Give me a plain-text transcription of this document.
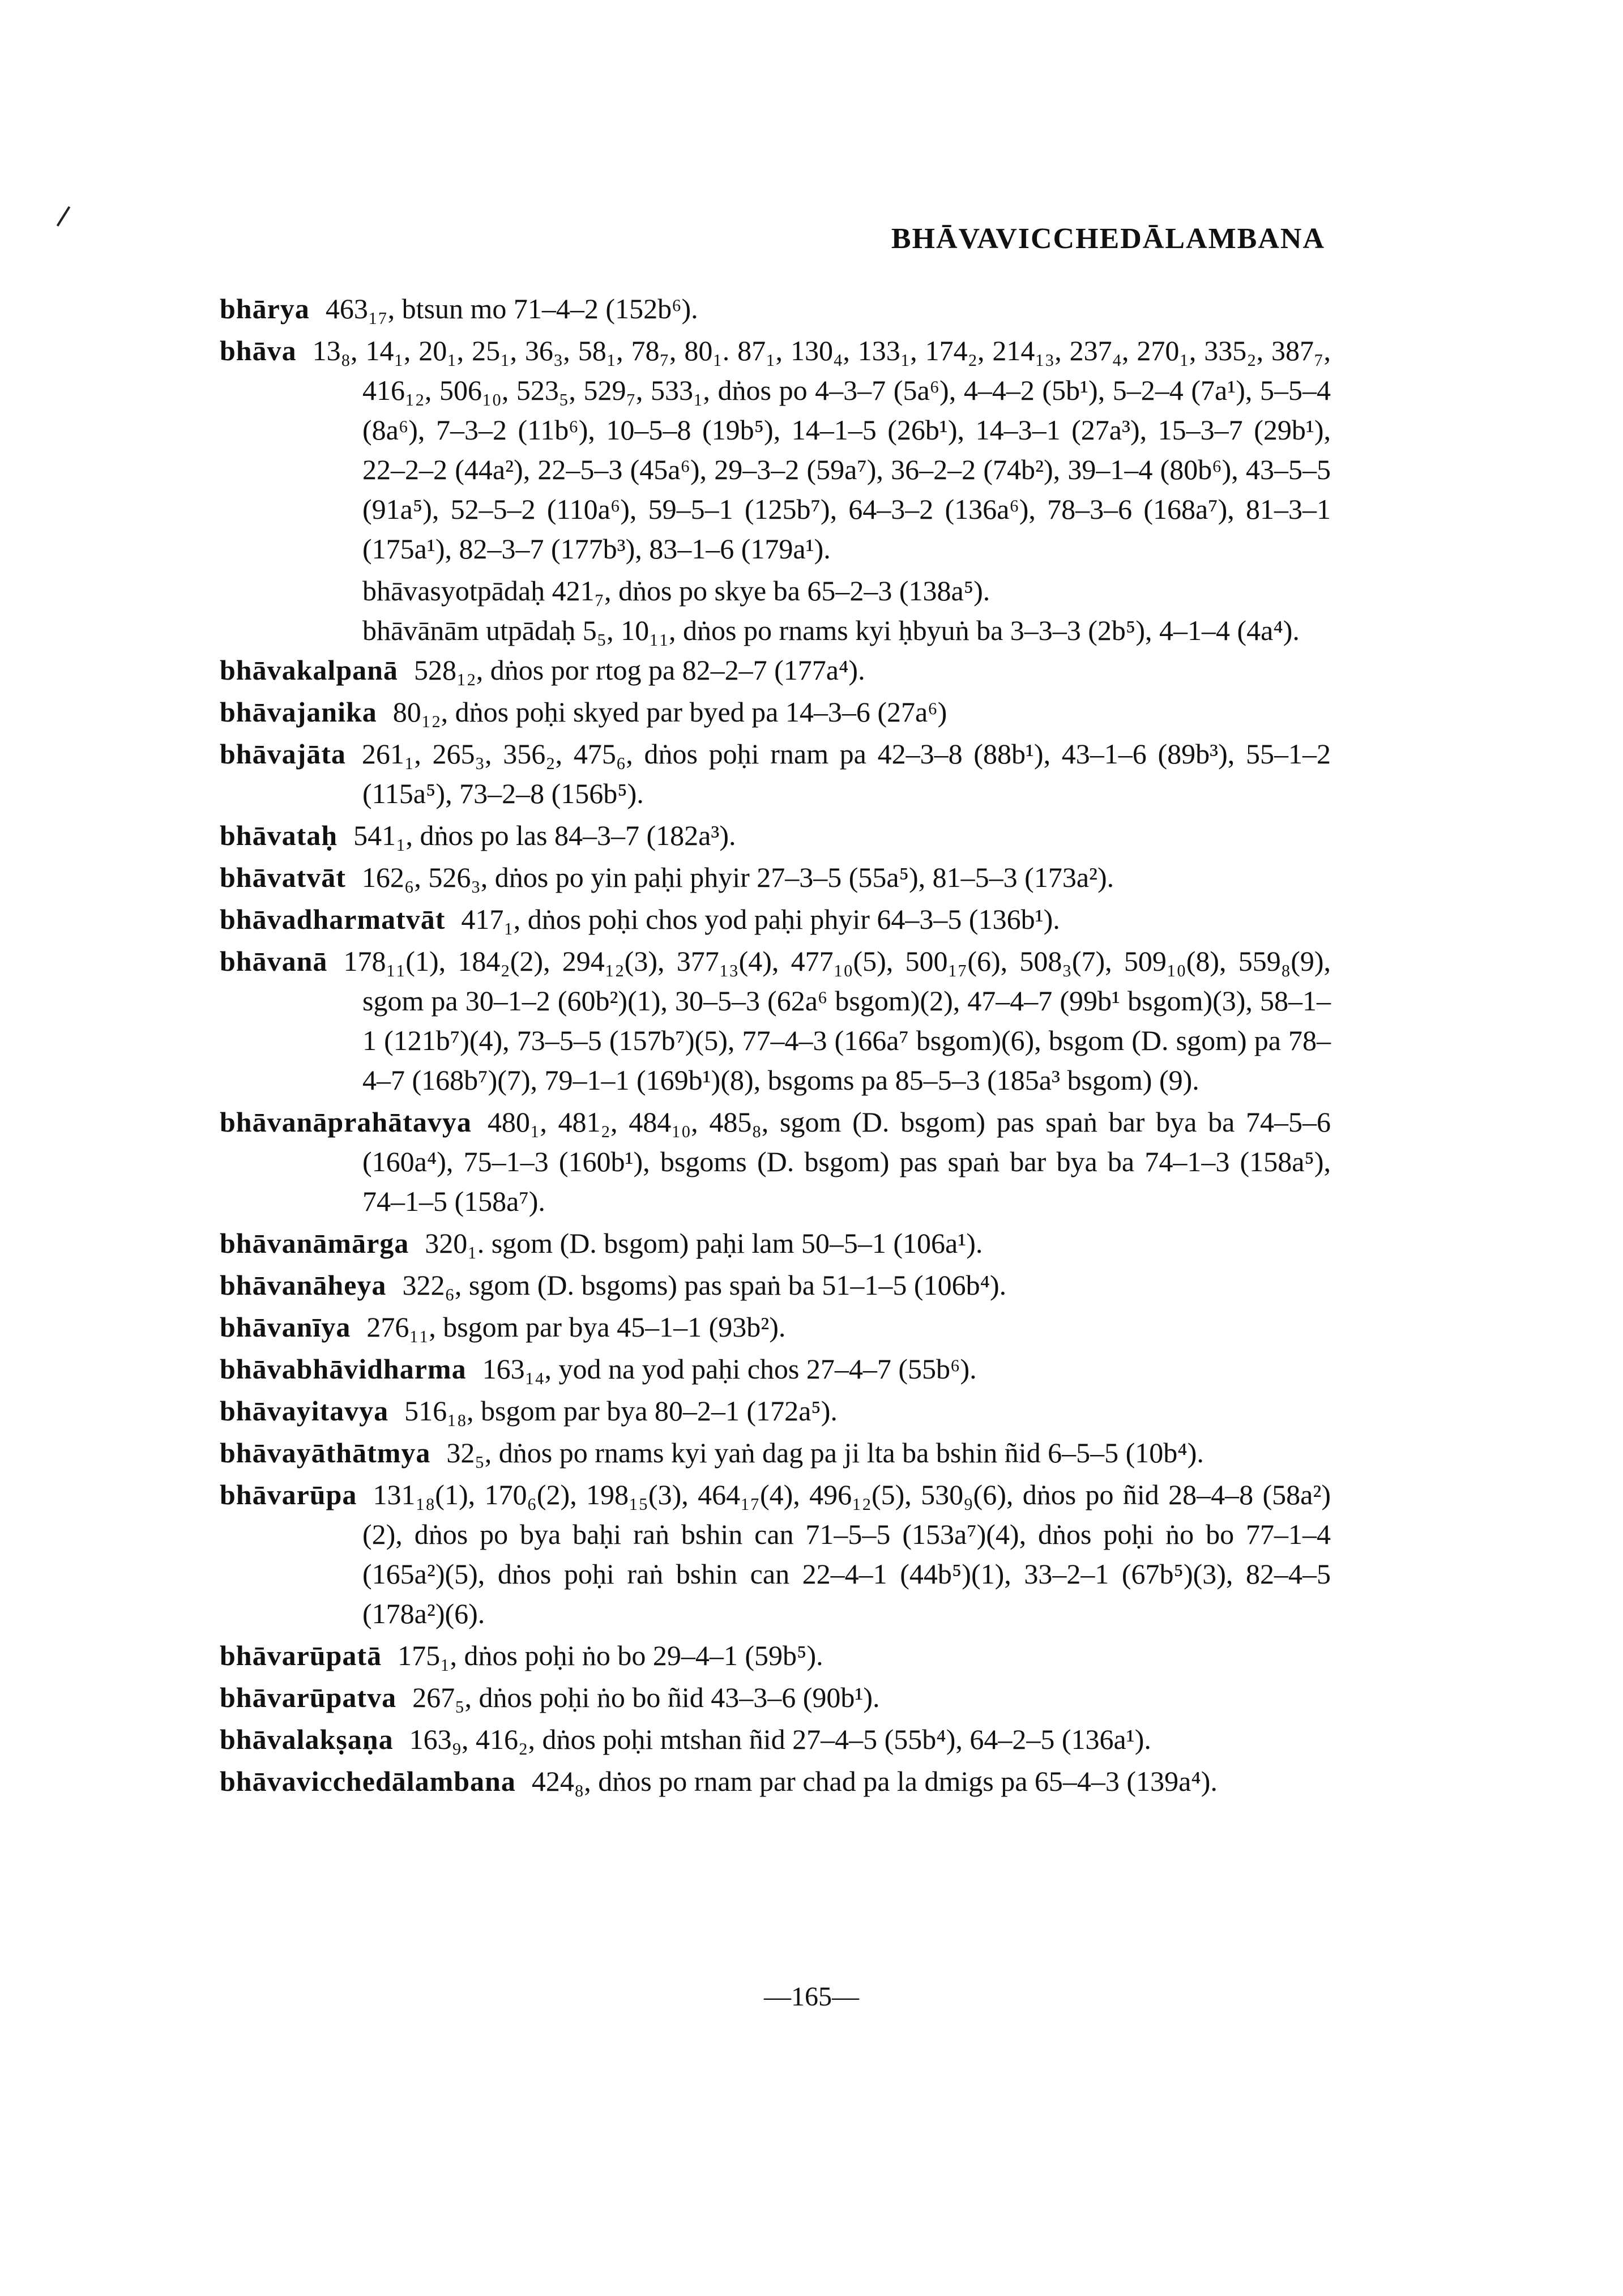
BHĀVAVICCHEDĀLAMBANA

bhārya 463₁₇, btsun mo 71–4–2 (152b⁶).

bhāva 13₈, 14₁, 20₁, 25₁, 36₃, 58₁, 78₇, 80₁. 87₁, 130₄, 133₁, 174₂, 214₁₃, 237₄, 270₁, 335₂, 387₇, 416₁₂, 506₁₀, 523₅, 529₇, 533₁, dṅos po 4–3–7 (5a⁶), 4–4–2 (5b¹), 5–2–4 (7a¹), 5–5–4 (8a⁶), 7–3–2 (11b⁶), 10–5–8 (19b⁵), 14–1–5 (26b¹), 14–3–1 (27a³), 15–3–7 (29b¹), 22–2–2 (44a²), 22–5–3 (45a⁶), 29–3–2 (59a⁷), 36–2–2 (74b²), 39–1–4 (80b⁶), 43–5–5 (91a⁵), 52–5–2 (110a⁶), 59–5–1 (125b⁷), 64–3–2 (136a⁶), 78–3–6 (168a⁷), 81–3–1 (175a¹), 82–3–7 (177b³), 83–1–6 (179a¹).

bhāvasyotpādaḥ 421₇, dṅos po skye ba 65–2–3 (138a⁵).

bhāvānām utpādaḥ 5₅, 10₁₁, dṅos po rnams kyi ḥbyuṅ ba 3–3–3 (2b⁵), 4–1–4 (4a⁴).

bhāvakalpanā 528₁₂, dṅos por rtog pa 82–2–7 (177a⁴).

bhāvajanika 80₁₂, dṅos poḥi skyed par byed pa 14–3–6 (27a⁶)

bhāvajāta 261₁, 265₃, 356₂, 475₆, dṅos poḥi rnam pa 42–3–8 (88b¹), 43–1–6 (89b³), 55–1–2 (115a⁵), 73–2–8 (156b⁵).

bhāvataḥ 541₁, dṅos po las 84–3–7 (182a³).

bhāvatvāt 162₆, 526₃, dṅos po yin paḥi phyir 27–3–5 (55a⁵), 81–5–3 (173a²).

bhāvadharmatvāt 417₁, dṅos poḥi chos yod paḥi phyir 64–3–5 (136b¹).

bhāvanā 178₁₁(1), 184₂(2), 294₁₂(3), 377₁₃(4), 477₁₀(5), 500₁₇(6), 508₃(7), 509₁₀(8), 559₈(9), sgom pa 30–1–2 (60b²)(1), 30–5–3 (62a⁶ bsgom)(2), 47–4–7 (99b¹ bsgom)(3), 58–1–1 (121b⁷)(4), 73–5–5 (157b⁷)(5), 77–4–3 (166a⁷ bsgom)(6), bsgom (D. sgom) pa 78–4–7 (168b⁷)(7), 79–1–1 (169b¹)(8), bsgoms pa 85–5–3 (185a³ bsgom) (9).

bhāvanāprahātavya 480₁, 481₂, 484₁₀, 485₈, sgom (D. bsgom) pas spaṅ bar bya ba 74–5–6 (160a⁴), 75–1–3 (160b¹), bsgoms (D. bsgom) pas spaṅ bar bya ba 74–1–3 (158a⁵), 74–1–5 (158a⁷).

bhāvanāmārga 320₁. sgom (D. bsgom) paḥi lam 50–5–1 (106a¹).

bhāvanāheya 322₆, sgom (D. bsgoms) pas spaṅ ba 51–1–5 (106b⁴).

bhāvanīya 276₁₁, bsgom par bya 45–1–1 (93b²).

bhāvabhāvidharma 163₁₄, yod na yod paḥi chos 27–4–7 (55b⁶).

bhāvayitavya 516₁₈, bsgom par bya 80–2–1 (172a⁵).

bhāvayāthātmya 32₅, dṅos po rnams kyi yaṅ dag pa ji lta ba bshin ñid 6–5–5 (10b⁴).

bhāvarūpa 131₁₈(1), 170₆(2), 198₁₅(3), 464₁₇(4), 496₁₂(5), 530₉(6), dṅos po ñid 28–4–8 (58a²)(2), dṅos po bya baḥi raṅ bshin can 71–5–5 (153a⁷)(4), dṅos poḥi ṅo bo 77–1–4 (165a²)(5), dṅos poḥi raṅ bshin can 22–4–1 (44b⁵)(1), 33–2–1 (67b⁵)(3), 82–4–5 (178a²)(6).

bhāvarūpatā 175₁, dṅos poḥi ṅo bo 29–4–1 (59b⁵).

bhāvarūpatva 267₅, dṅos poḥi ṅo bo ñid 43–3–6 (90b¹).

bhāvalakṣaṇa 163₉, 416₂, dṅos poḥi mtshan ñid 27–4–5 (55b⁴), 64–2–5 (136a¹).

bhāvavicchedālambana 424₈, dṅos po rnam par chad pa la dmigs pa 65–4–3 (139a⁴).

—165—
